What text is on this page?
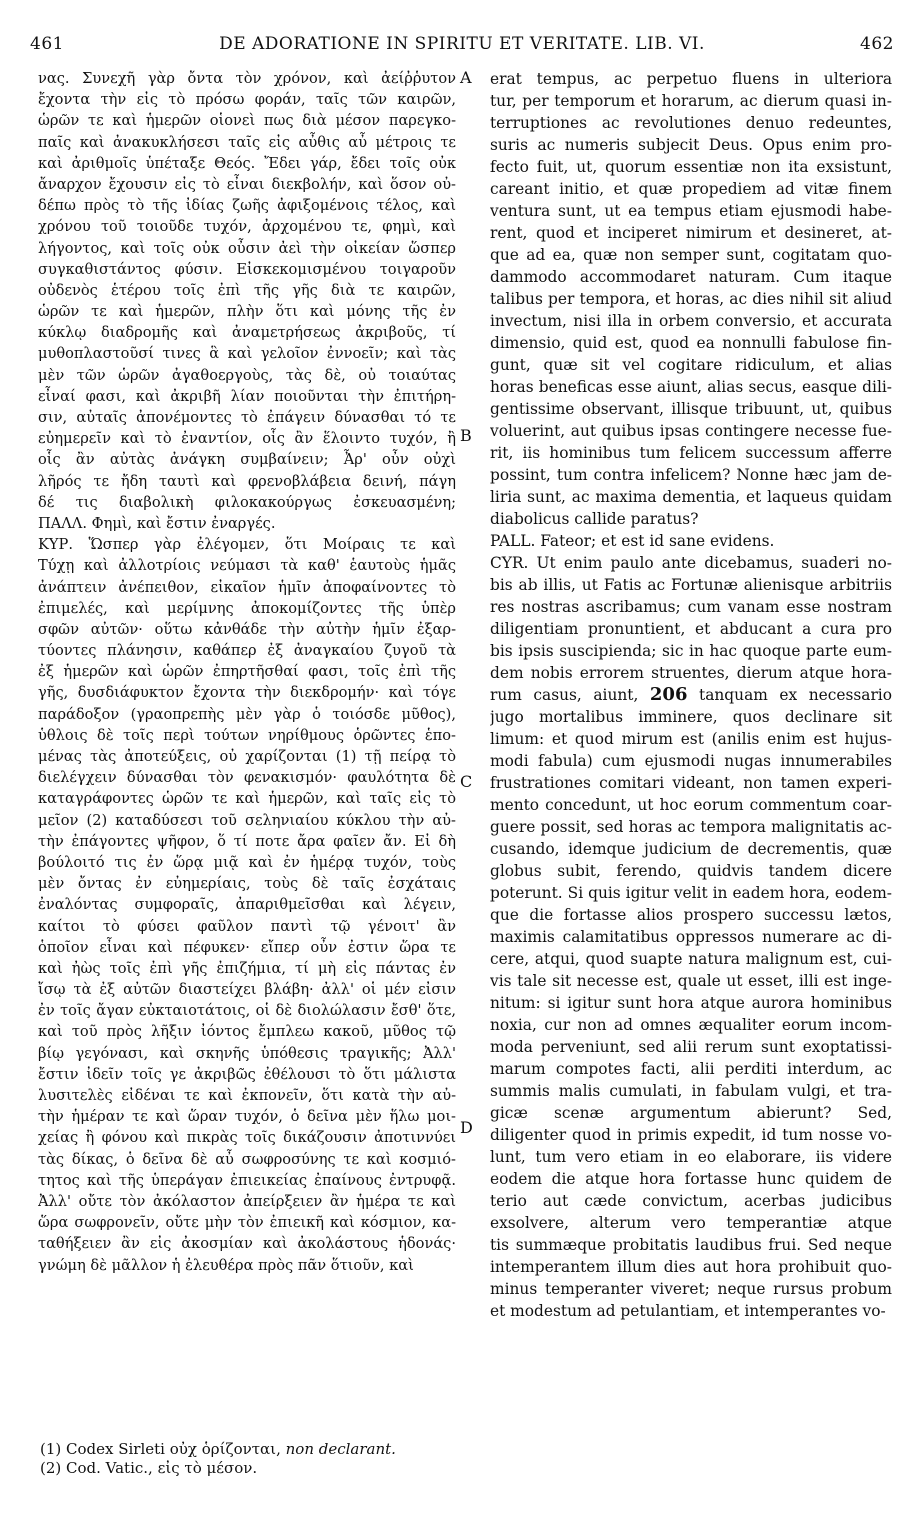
461	DE ADORATIONE IN SPIRITU ET VERITATE. LIB. VI.	462
νας. Συνεχῆ γὰρ ὄντα τὸν χρόνον, καὶ ἀείῤῥυτον
ἔχοντα τὴν εἰς τὸ πρόσω φοράν, ταῖς τῶν καιρῶν,
ὡρῶν τε καὶ ἡμερῶν οἱονεὶ πως διὰ μέσον παρεγκο-
παῖς καὶ ἀνακυκλήσεσι ταῖς εἰς αὖθις αὖ μέτροις τε
καὶ ἀριθμοῖς ὑπέταξε Θεός. Ἔδει γάρ, ἔδει τοῖς οὐκ
ἄναρχον ἔχουσιν εἰς τὸ εἶναι διεκβολήν, καὶ ὅσον οὐ-
δέπω πρὸς τὸ τῆς ἰδίας ζωῆς ἀφιξομένοις τέλος, καὶ
χρόνου τοῦ τοιοῦδε τυχόν, ἀρχομένου τε, φημὶ, καὶ
λήγοντος, καὶ τοῖς οὐκ οὖσιν ἀεὶ τὴν οἰκείαν ὥσπερ
συγκαθιστάντος φύσιν. Εἰσκεκομισμένου τοιγαροῦν
οὐδενὸς ἑτέρου τοῖς ἐπὶ τῆς γῆς διὰ τε καιρῶν,
ὡρῶν τε καὶ ἡμερῶν, πλὴν ὅτι καὶ μόνης τῆς ἐν
κύκλῳ διαδρομῆς καὶ ἀναμετρήσεως ἀκριβοῦς, τί
μυθοπλαστοῦσί τινες ἃ καὶ γελοῖον ἐννοεῖν; καὶ τὰς
μὲν τῶν ὡρῶν ἀγαθοεργοὺς, τὰς δὲ, οὐ τοιαύτας
εἶναί φασι, καὶ ἀκριβῆ λίαν ποιοῦνται τὴν ἐπιτήρη-
σιν, αὐταῖς ἀπονέμοντες τὸ ἐπάγειν δύνασθαι τό τε
εὐημερεῖν καὶ τὸ ἐναντίον, οἷς ἂν ἕλοιντο τυχόν, ἢ
οἷς ἂν αὐτὰς ἀνάγκη συμβαίνειν; Ἆρ' οὖν οὐχὶ
λῆρός τε ἤδη ταυτὶ καὶ φρενοβλάβεια δεινή, πάγη
δέ τις διαβολικὴ φιλοκακούργως ἐσκευασμένη;
ΠΑΛΛ. Φημὶ, καὶ ἔστιν ἐναργές.
ΚΥΡ. Ὥσπερ γὰρ ἐλέγομεν, ὅτι Μοίραις τε καὶ
Τύχῃ καὶ ἀλλοτρίοις νεύμασι τὰ καθ' ἑαυτοὺς ἡμᾶς
ἀνάπτειν ἀνέπειθον, εἰκαῖον ἡμῖν ἀποφαίνοντες τὸ
ἐπιμελές, καὶ μερίμνης ἀποκομίζοντες τῆς ὑπὲρ
σφῶν αὐτῶν· οὕτω κἀνθάδε τὴν αὐτὴν ἡμῖν ἐξαρ-
τύοντες πλάνησιν, καθάπερ ἐξ ἀναγκαίου ζυγοῦ τὰ
ἐξ ἡμερῶν καὶ ὡρῶν ἐπηρτῆσθαί φασι, τοῖς ἐπὶ τῆς
γῆς, δυσδιάφυκτον ἔχοντα τὴν διεκδρομήν· καὶ τόγε
παράδοξον (γραοπρεπὴς μὲν γὰρ ὁ τοιόσδε μῦθος),
ὑθλοις δὲ τοῖς περὶ τούτων νηρίθμους ὁρῶντες ἑπο-
μένας τὰς ἀποτεύξεις, οὐ χαρίζονται (1) τῇ πείρᾳ τὸ
διελέγχειν δύνασθαι τὸν φενακισμόν· φαυλότητα δὲ
καταγράφοντες ὡρῶν τε καὶ ἡμερῶν, καὶ ταῖς εἰς τὸ
μεῖον (2) καταδύσεσι τοῦ σεληνιαίου κύκλου τὴν αὐ-
τὴν ἐπάγοντες ψῆφον, ὅ τί ποτε ἄρα φαῖεν ἄν. Εἰ δὴ
βούλοιτό τις ἐν ὥρᾳ μιᾷ καὶ ἐν ἡμέρᾳ τυχόν, τοὺς
μὲν ὄντας ἐν εὐημερίαις, τοὺς δὲ ταῖς ἐσχάταις
ἐναλόντας συμφοραῖς, ἀπαριθμεῖσθαι καὶ λέγειν,
καίτοι τὸ φύσει φαῦλον παντὶ τῷ γένοιτ' ἂν
ὁποῖον εἶναι καὶ πέφυκεν· εἴπερ οὖν ἐστιν ὥρα τε
καὶ ἠὼς τοῖς ἐπὶ γῆς ἐπιζήμια, τί μὴ εἰς πάντας ἐν
ἴσῳ τὰ ἐξ αὐτῶν διαστείχει βλάβη· ἀλλ' οἱ μέν εἰσιν
ἐν τοῖς ἄγαν εὐκταιοτάτοις, οἱ δὲ διολώλασιν ἔσθ' ὅτε,
καὶ τοῦ πρὸς λῆξιν ἰόντος ἔμπλεω κακοῦ, μῦθος τῷ
βίῳ γεγόνασι, καὶ σκηνῆς ὑπόθεσις τραγικῆς; Ἀλλ'
ἔστιν ἰδεῖν τοῖς γε ἀκριβῶς ἐθέλουσι τὸ ὅτι μάλιστα
λυσιτελὲς εἰδέναι τε καὶ ἐκπονεῖν, ὅτι κατὰ τὴν αὐ-
τὴν ἡμέραν τε καὶ ὥραν τυχόν, ὁ δεῖνα μὲν ἥλω μοι-
χείας ἢ φόνου καὶ πικρὰς τοῖς δικάζουσιν ἀποτιννύει
τὰς δίκας, ὁ δεῖνα δὲ αὖ σωφροσύνης τε καὶ κοσμιό-
τητος καὶ τῆς ὑπεράγαν ἐπιεικείας ἐπαίνους ἐντρυφᾷ.
Ἀλλ' οὔτε τὸν ἀκόλαστον ἀπείρξειεν ἂν ἡμέρα τε καὶ
ὥρα σωφρονεῖν, οὔτε μὴν τὸν ἐπιεικῆ καὶ κόσμιον, κα-
ταθήξειεν ἂν εἰς ἀκοσμίαν καὶ ἀκολάστους ἡδονάς·
γνώμη δὲ μᾶλλον ἡ ἐλευθέρα πρὸς πᾶν ὅτιοῦν, καὶ
erat tempus, ac perpetuo fluens in ulteriora
tur, per temporum et horarum, ac dierum quasi in-
terruptiones ac revolutiones denuo redeuntes,
suris ac numeris subjecit Deus. Opus enim pro-
fecto fuit, ut, quorum essentiæ non ita exsistunt,
careant initio, et quæ propediem ad vitæ finem
ventura sunt, ut ea tempus etiam ejusmodi habe-
rent, quod et inciperet nimirum et desineret, at-
que ad ea, quæ non semper sunt, cogitatam quo-
dammodo accommodaret naturam. Cum itaque
talibus per tempora, et horas, ac dies nihil sit aliud
invectum, nisi illa in orbem conversio, et accurata
dimensio, quid est, quod ea nonnulli fabulose fin-
gunt, quæ sit vel cogitare ridiculum, et alias
horas beneficas esse aiunt, alias secus, easque dili-
gentissime observant, illisque tribuunt, ut, quibus
voluerint, aut quibus ipsas contingere necesse fue-
rit, iis hominibus tum felicem successum afferre
possint, tum contra infelicem? Nonne hæc jam de-
liria sunt, ac maxima dementia, et laqueus quidam
diabolicus callide paratus?
PALL. Fateor; et est id sane evidens.
CYR. Ut enim paulo ante dicebamus, suaderi no-
bis ab illis, ut Fatis ac Fortunæ alienisque arbitriis
res nostras ascribamus; cum vanam esse nostram
diligentiam pronuntient, et abducant a cura pro
bis ipsis suscipienda; sic in hac quoque parte eum-
dem nobis errorem struentes, dierum atque hora-
rum casus, aiunt, 206 tanquam ex necessario
jugo mortalibus imminere, quos declinare sit
limum: et quod mirum est (anilis enim est hujus-
modi fabula) cum ejusmodi nugas innumerabiles
frustrationes comitari videant, non tamen experi-
mento concedunt, ut hoc eorum commentum coar-
guere possit, sed horas ac tempora malignitatis ac-
cusando, idemque judicium de decrementis, quæ
globus subit, ferendo, quidvis tandem dicere
poterunt. Si quis igitur velit in eadem hora, eodem-
que die fortasse alios prospero successu lætos,
maximis calamitatibus oppressos numerare ac di-
cere, atqui, quod suapte natura malignum est, cui-
vis tale sit necesse est, quale ut esset, illi est inge-
nitum: si igitur sunt hora atque aurora hominibus
noxia, cur non ad omnes æqualiter eorum incom-
moda perveniunt, sed alii rerum sunt exoptatissi-
marum compotes facti, alii perditi interdum, ac
summis malis cumulati, in fabulam vulgi, et tra-
gicæ scenæ argumentum abierunt? Sed,
diligenter quod in primis expedit, id tum nosse vo-
lunt, tum vero etiam in eo elaborare, iis videre
eodem die atque hora fortasse hunc quidem de
terio aut cæde convictum, acerbas judicibus
exsolvere, alterum vero temperantiæ atque
tis summæque probitatis laudibus frui. Sed neque
intemperantem illum dies aut hora prohibuit quo-
minus temperanter viveret; neque rursus probum
et modestum ad petulantiam, et intemperantes vo-
A
B
C
D
(1) Codex Sirleti οὐχ ὁρίζονται, non declarant.
(2) Cod. Vatic., εἰς τὸ μέσον.
